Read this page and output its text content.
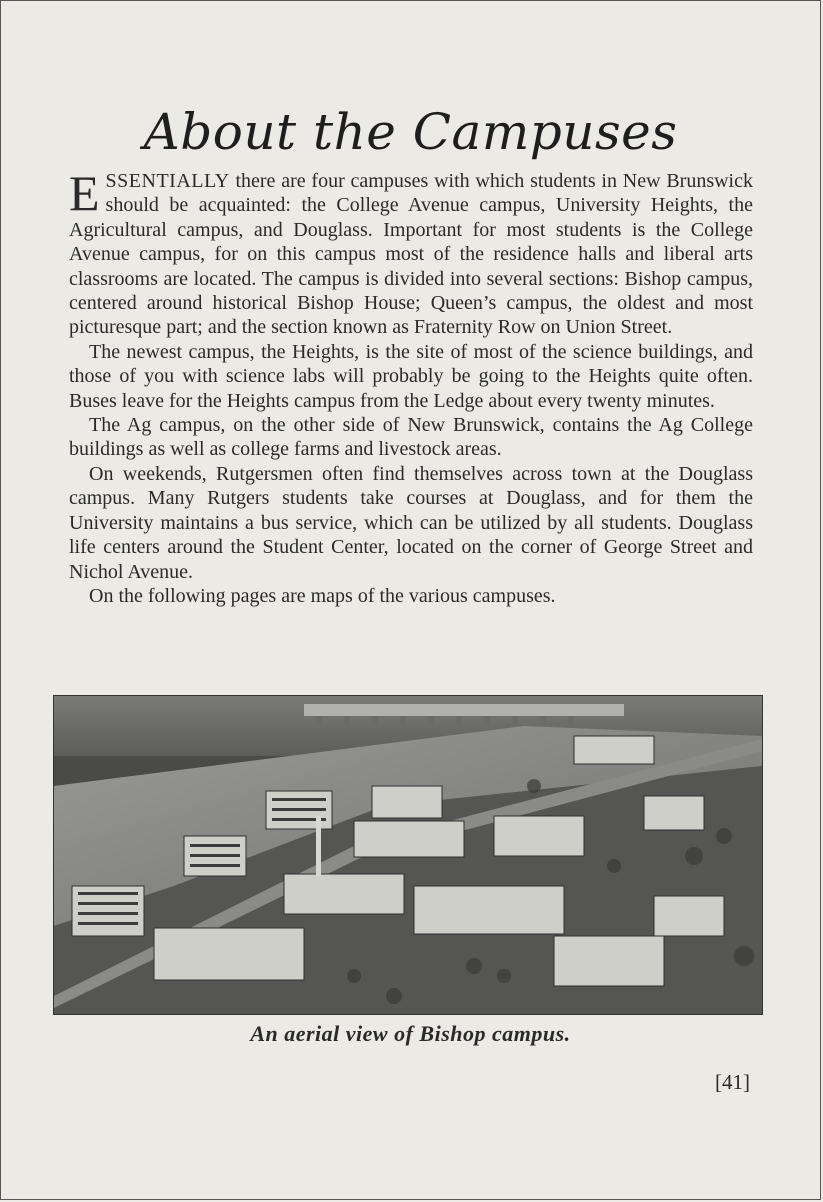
About the Campuses

ESSENTIALLY there are four campuses with which students in New Brunswick should be acquainted: the College Avenue campus, University Heights, the Agricultural campus, and Douglass. Important for most students is the College Avenue campus, for on this campus most of the residence halls and liberal arts classrooms are located. The campus is divided into several sections: Bishop campus, centered around historical Bishop House; Queen’s campus, the oldest and most picturesque part; and the section known as Fraternity Row on Union Street.

The newest campus, the Heights, is the site of most of the science buildings, and those of you with science labs will probably be going to the Heights quite often. Buses leave for the Heights campus from the Ledge about every twenty minutes.

The Ag campus, on the other side of New Brunswick, contains the Ag College buildings as well as college farms and livestock areas.

On weekends, Rutgersmen often find themselves across town at the Douglass campus. Many Rutgers students take courses at Douglass, and for them the University maintains a bus service, which can be utilized by all students. Douglass life centers around the Student Center, located on the corner of George Street and Nichol Avenue.

On the following pages are maps of the various campuses.

An aerial view of Bishop campus.
[41]
